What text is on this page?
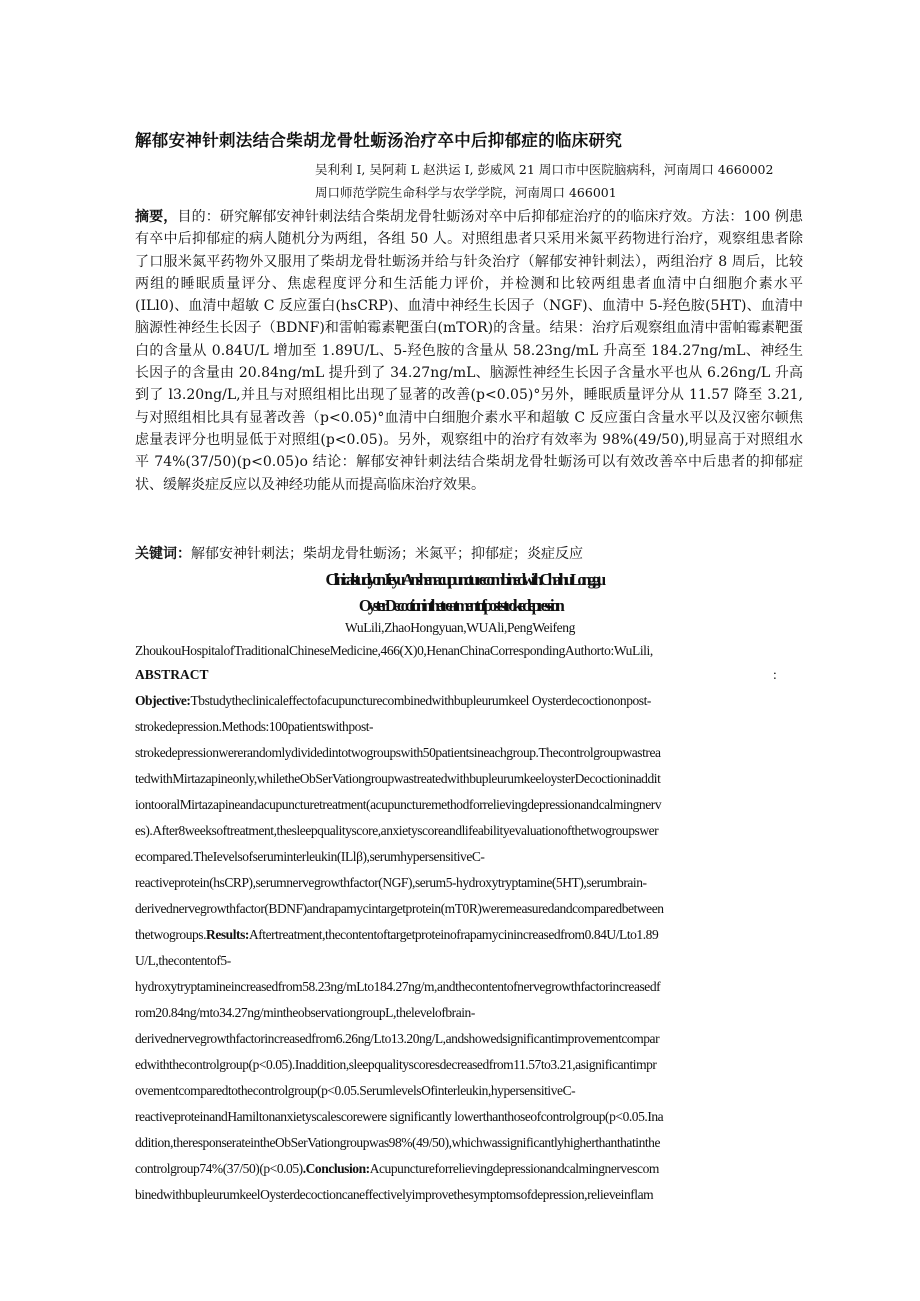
解郁安神针刺法结合柴胡龙骨牡蛎汤治疗卒中后抑郁症的临床研究
吴利利 I, 吴阿莉 L 赵洪运 I, 彭威风 21 周口市中医院脑病科，河南周口 4660002
周口师范学院生命科学与农学学院，河南周口 466001
摘要，目的：研究解郁安神针刺法结合柴胡龙骨牡蛎汤对卒中后抑郁症治疗的的临床疗效。方法：100 例患有卒中后抑郁症的病人随机分为两组，各组 50 人。对照组患者只采用米氮平药物进行治疗，观察组患者除了口服米氮平药物外又服用了柴胡龙骨牡蛎汤并给与针灸治疗（解郁安神针刺法），两组治疗 8 周后，比较两组的睡眠质量评分、焦虑程度评分和生活能力评价，并检测和比较两组患者血清中白细胞介素水平(ILl0)、血清中超敏 C 反应蛋白(hsCRP)、血清中神经生长因子（NGF)、血清中 5-羟色胺(5HT)、血清中脑源性神经生长因子（BDNF)和雷帕霉素靶蛋白(mTOR)的含量。结果：治疗后观察组血清中雷帕霉素靶蛋白的含量从 0.84U/L 增加至 1.89U/L、5-羟色胺的含量从 58.23ng/mL 升高至 184.27ng/mL、神经生长因子的含量由 20.84ng/mL 提升到了 34.27ng/mL、脑源性神经生长因子含量水平也从 6.26ng/L 升高到了 l3.20ng/L,并且与对照组相比出现了显著的改善(p<0.05)°另外，睡眠质量评分从 11.57 降至 3.21,与对照组相比具有显著改善（p<0.05)°血清中白细胞介素水平和超敏 C 反应蛋白含量水平以及汉密尔顿焦虑量表评分也明显低于对照组(p<0.05)。另外，观察组中的治疗有效率为 98%(49/50),明显高于对照组水平 74%(37/50)(p<0.05)o 结论：解郁安神针刺法结合柴胡龙骨牡蛎汤可以有效改善卒中后患者的抑郁症状、缓解炎症反应以及神经功能从而提高临床治疗效果。
关键词：解郁安神针刺法；柴胡龙骨牡蛎汤；米氮平；抑郁症；炎症反应
ClinicalstudyonJieyuAnshenacupuncturecombinedwithChaihuLonggu
OysterDecoctioninthetreatmentofpost-strokedepression
WuLili,ZhaoHongyuan,WUAli,PengWeifeng
ZhoukouHospitalofTraditionalChineseMedicine,466(X)0,HenanChinaCorrespondingAuthorto:WuLili,
ABSTRACT	:
Objective:Tbstudytheclinicaleffectofacupuncturecombinedwithbupleurumkeel Oysterdecoctiononpost-
strokedepression.Methods:100patientswithpost-
strokedepressionwererandomlydividedintotwogroupswith50patientsineachgroup.Thecontrolgroupwastrea
tedwithMirtazapineonly,whiletheObSerVationgroupwastreatedwithbupleurumkeeloysterDecoctioninaddit
iontooralMirtazapineandacupuncturetreatment(acupuncturemethodforrelievingdepressionandcalmingnerv
es).After8weeksoftreatment,thesleepqualityscore,anxietyscoreandlifeabilityevaluationofthetwogroupswer
ecompared.TheIevelsofseruminterleukin(ILlβ),serumhypersensitiveC-
reactiveprotein(hsCRP),serumnervegrowthfactor(NGF),serum5-hydroxytryptamine(5HT),serumbrain-
derivednervegrowthfactor(BDNF)andrapamycintargetprotein(mT0R)weremeasuredandcomparedbetween
thetwogroups.Results:Aftertreatment,thecontentoftargetproteinofrapamycinincreasedfrom0.84U/Lto1.89
U/L,thecontentof5-
hydroxytryptamineincreasedfrom58.23ng/mLto184.27ng/m,andthecontentofnervegrowthfactorincreasedf
rom20.84ng/mto34.27ng/mintheobservationgroupL,thelevelofbrain-
derivednervegrowthfactorincreasedfrom6.26ng/Lto13.20ng/L,andshowedsignificantimprovementcompar
edwiththecontrolgroup(p<0.05).Inaddition,sleepqualityscoresdecreasedfrom11.57to3.21,asignificantimpr
ovementcomparedtothecontrolgroup(p<0.05.SerumlevelsOfinterleukin,hypersensitiveC-
reactiveproteinandHamiltonanxietyscalescorewere significantly lowerthanthoseofcontrolgroup(p<0.05.Ina
ddition,theresponserateintheObSerVationgroupwas98%(49/50),whichwassignificantlyhigherthanthatinthe
controlgroup74%(37/50)(p<0.05).Conclusion:Acupunctureforrelievingdepressionandcalmingnervescom
binedwithbupleurumkeelOysterdecoctioncaneffectivelyimprovethesymptomsofdepression,relieveinflam
